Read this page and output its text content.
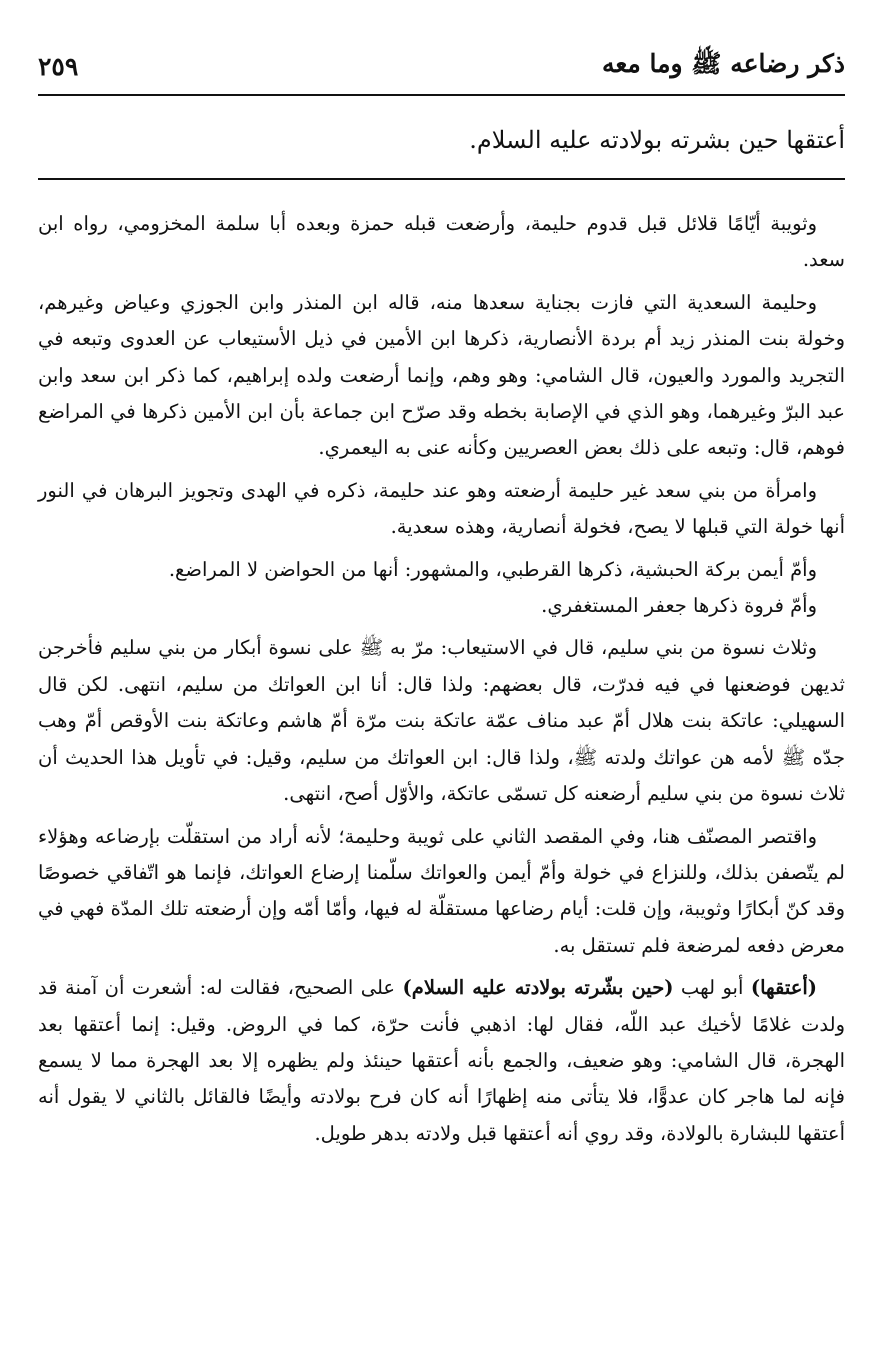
ذكر رضاعه ﷺ وما معه
٢٥٩
أعتقها حين بشرته بولادته عليه السلام.

وثويبة أيّامًا قلائل قبل قدوم حليمة، وأرضعت قبله حمزة وبعده أبا سلمة المخزومي، رواه ابن سعد.

وحليمة السعدية التي فازت بجناية سعدها منه، قاله ابن المنذر وابن الجوزي وعياض وغيرهم، وخولة بنت المنذر زيد أم بردة الأنصارية، ذكرها ابن الأمين في ذيل الأستيعاب عن العدوى وتبعه في التجريد والمورد والعيون، قال الشامي: وهو وهم، وإنما أرضعت ولده إبراهيم، كما ذكر ابن سعد وابن عبد البرّ وغيرهما، وهو الذي في الإصابة بخطه وقد صرّح ابن جماعة بأن ابن الأمين ذكرها في المراضع فوهم، قال: وتبعه على ذلك بعض العصريين وكأنه عنى به اليعمري.

وامرأة من بني سعد غير حليمة أرضعته وهو عند حليمة، ذكره في الهدى وتجويز البرهان في النور أنها خولة التي قبلها لا يصح، فخولة أنصارية، وهذه سعدية.

وأمّ أيمن بركة الحبشية، ذكرها القرطبي، والمشهور: أنها من الحواضن لا المراضع.

وأمّ فروة ذكرها جعفر المستغفري.

وثلاث نسوة من بني سليم، قال في الاستيعاب: مرّ به ﷺ على نسوة أبكار من بني سليم فأخرجن ثديهن فوضعنها في فيه فدرّت، قال بعضهم: ولذا قال: أنا ابن العواتك من سليم، انتهى. لكن قال السهيلي: عاتكة بنت هلال أمّ عبد مناف عمّة عاتكة بنت مرّة أمّ هاشم وعاتكة بنت الأوقص أمّ وهب جدّه ﷺ لأمه هن عواتك ولدته ﷺ، ولذا قال: ابن العواتك من سليم، وقيل: في تأويل هذا الحديث أن ثلاث نسوة من بني سليم أرضعنه كل تسمّى عاتكة، والأوّل أصح، انتهى.

واقتصر المصنّف هنا، وفي المقصد الثاني على ثويبة وحليمة؛ لأنه أراد من استقلّت بإرضاعه وهؤلاء لم يتّصفن بذلك، وللنزاع في خولة وأمّ أيمن والعواتك سلّمنا إرضاع العواتك، فإنما هو اتّفاقي خصوصًا وقد كنّ أبكارًا وثويبة، وإن قلت: أيام رضاعها مستقلّة له فيها، وأمّا أمّه وإن أرضعته تلك المدّة فهي في معرض دفعه لمرضعة فلم تستقل به.

(أعتقها) أبو لهب (حين بشّرته بولادته عليه السلام) على الصحيح، فقالت له: أشعرت أن آمنة قد ولدت غلامًا لأخيك عبد اللّه، فقال لها: اذهبي فأنت حرّة، كما في الروض. وقيل: إنما أعتقها بعد الهجرة، قال الشامي: وهو ضعيف، والجمع بأنه أعتقها حينئذ ولم يظهره إلا بعد الهجرة مما لا يسمع فإنه لما هاجر كان عدوًّا، فلا يتأتى منه إظهارًا أنه كان فرح بولادته وأيضًا فالقائل بالثاني لا يقول أنه أعتقها للبشارة بالولادة، وقد روي أنه أعتقها قبل ولادته بدهر طويل.
